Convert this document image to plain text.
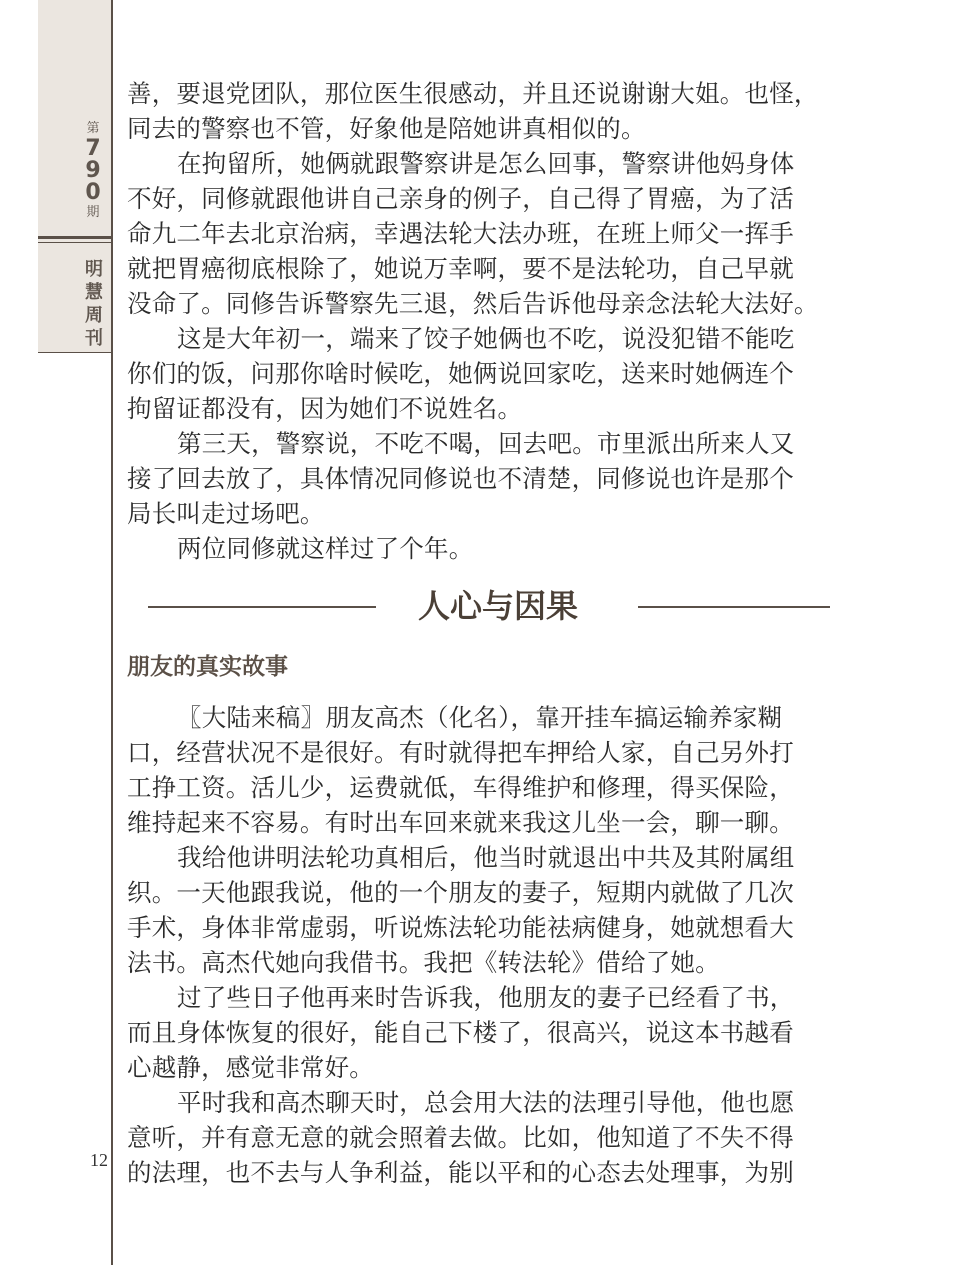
第
7
9
0
期
明慧周刊
12
善，要退党团队，那位医生很感动，并且还说谢谢大姐。也怪，
同去的警察也不管，好象他是陪她讲真相似的。
在拘留所，她俩就跟警察讲是怎么回事，警察讲他妈身体
不好，同修就跟他讲自己亲身的例子，自己得了胃癌，为了活
命九二年去北京治病，幸遇法轮大法办班，在班上师父一挥手
就把胃癌彻底根除了，她说万幸啊，要不是法轮功，自己早就
没命了。同修告诉警察先三退，然后告诉他母亲念法轮大法好。
这是大年初一，端来了饺子她俩也不吃，说没犯错不能吃
你们的饭，问那你啥时候吃，她俩说回家吃，送来时她俩连个
拘留证都没有，因为她们不说姓名。
第三天，警察说，不吃不喝，回去吧。市里派出所来人又
接了回去放了，具体情况同修说也不清楚，同修说也许是那个
局长叫走过场吧。
两位同修就这样过了个年。
人心与因果
朋友的真实故事
〖大陆来稿〗朋友高杰（化名），靠开挂车搞运输养家糊
口，经营状况不是很好。有时就得把车押给人家，自己另外打
工挣工资。活儿少，运费就低，车得维护和修理，得买保险，
维持起来不容易。有时出车回来就来我这儿坐一会，聊一聊。
我给他讲明法轮功真相后，他当时就退出中共及其附属组
织。一天他跟我说，他的一个朋友的妻子，短期内就做了几次
手术，身体非常虚弱，听说炼法轮功能祛病健身，她就想看大
法书。高杰代她向我借书。我把《转法轮》借给了她。
过了些日子他再来时告诉我，他朋友的妻子已经看了书，
而且身体恢复的很好，能自己下楼了，很高兴，说这本书越看
心越静，感觉非常好。
平时我和高杰聊天时，总会用大法的法理引导他，他也愿
意听，并有意无意的就会照着去做。比如，他知道了不失不得
的法理，也不去与人争利益，能以平和的心态去处理事，为别
